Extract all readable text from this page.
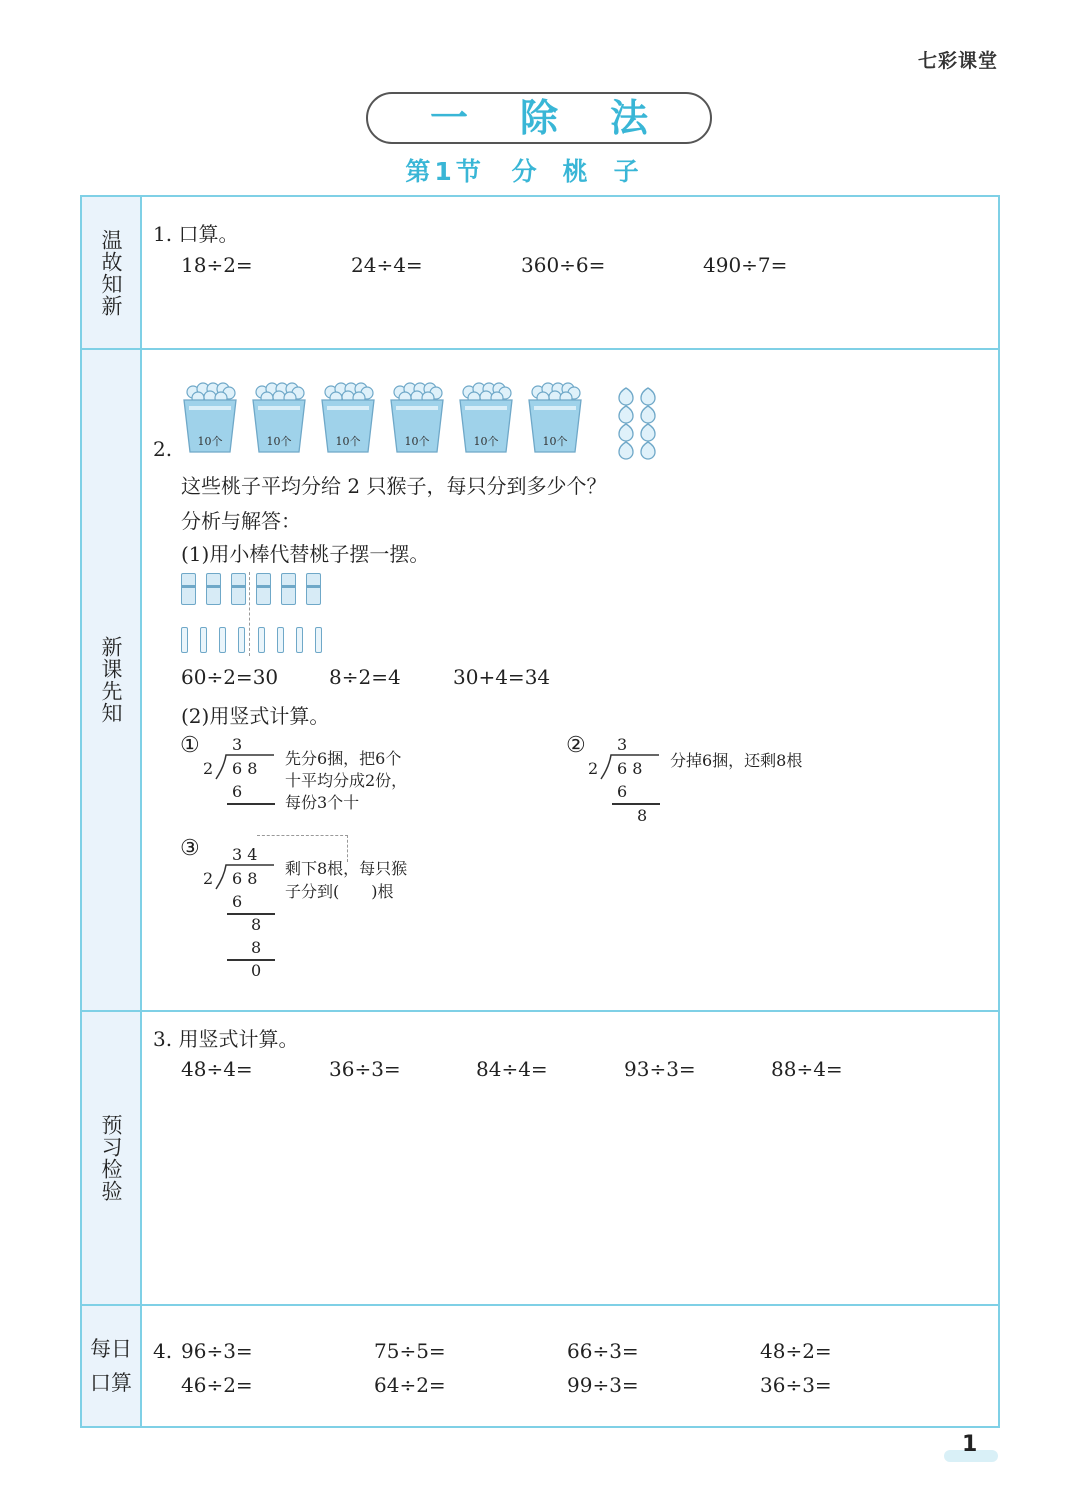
七彩课堂
一除法
第 1 节 分桃子
温故知新
新课先知
预习检验
每日
口算
1. 口算。
18÷2=	24÷4=	360÷6=	490÷7=
2.	10个	10个	10个	10个	10个	10个
这些桃子平均分给 2 只猴子，每只分到多少个？
分析与解答：
(1)用小棒代替桃子摆一摆。
60÷2=30	8÷2=4	30+4=34
(2)用竖式计算。
① 3
2 6 8
6
先分6捆，把6个
十平均分成2份，
每份3个十
② 3
2 6 8
6
8
分掉6捆，还剩8根
③ 3 4
2 6 8
6
8
8
0
剩下8根，每只猴
子分到(　　)根
3. 用竖式计算。
48÷4=	36÷3=	84÷4=	93÷3=	88÷4=
4. 96÷3=	75÷5=	66÷3=	48÷2=
46÷2=	64÷2=	99÷3=	36÷3=
1
